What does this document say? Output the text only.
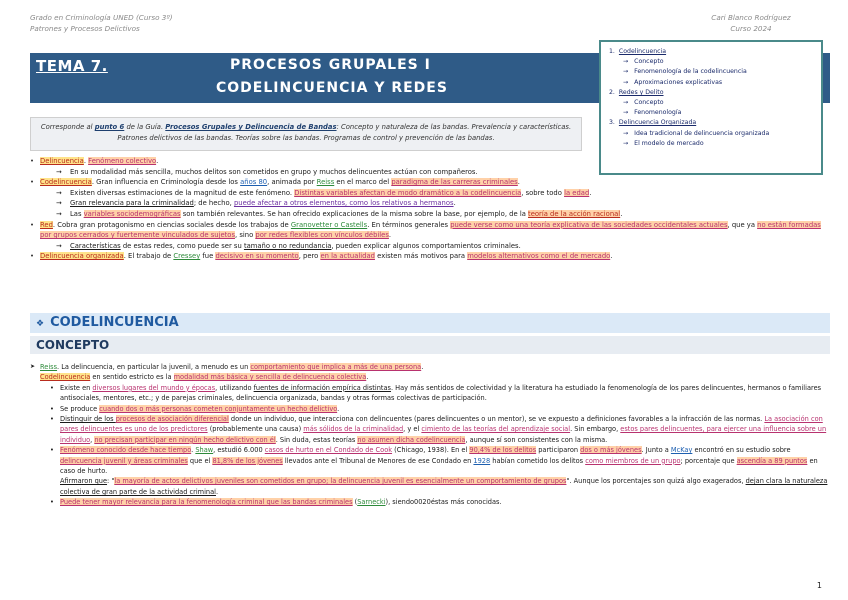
Grado en Criminología UNED (Curso 3º)
Patrones y Procesos Delictivos
Cari Blanco Rodríguez
Curso 2024
TEMA 7.	PROCESOS GRUPALES I
CODELINCUENCIA Y REDES
1. Codelincuencia
→ Concepto
→ Fenomenología de la codelincuencia
→ Aproximaciones explicativas
2. Redes y Delito
→ Concepto
→ Fenomenología
3. Delincuencia Organizada
→ Idea tradicional de delincuencia organizada
→ El modelo de mercado
Corresponde al punto 6 de la Guía. Procesos Grupales y Delincuencia de Bandas: Concepto y naturaleza de las bandas. Prevalencia y características. Patrones delictivos de las bandas. Teorías sobre las bandas. Programas de control y prevención de las bandas.
• Delincuencia. Fenómeno colectivo.
→ En su modalidad más sencilla, muchos delitos son cometidos en grupo y muchos delincuentes actúan con compañeros.
• Codelincuencia. Gran influencia en Criminología desde los años 80, animada por Reiss en el marco del paradigma de las carreras criminales.
→ Existen diversas estimaciones de la magnitud de este fenómeno. Distintas variables afectan de modo dramático a la codelincuencia, sobre todo la edad.
→ Gran relevancia para la criminalidad; de hecho, puede afectar a otros elementos, como los relativos a hermanos.
→ Las variables sociodemográficas son también relevantes. Se han ofrecido explicaciones de la misma sobre la base, por ejemplo, de la teoría de la acción racional.
• Red. Cobra gran protagonismo en ciencias sociales desde los trabajos de Granovetter o Castells. En términos generales puede verse como una teoría explicativa de las sociedades occidentales actuales, que ya no están formadas por grupos cerrados y fuertemente vinculados de sujetos, sino por redes flexibles con vínculos débiles.
→ Características de estas redes, como puede ser su tamaño o no redundancia, pueden explicar algunos comportamientos criminales.
• Delincuencia organizada. El trabajo de Cressey fue decisivo en su momento, pero en la actualidad existen más motivos para modelos alternativos como el de mercado.
❖ CODELINCUENCIA
CONCEPTO
➤ Reiss. La delincuencia, en particular la juvenil, a menudo es un comportamiento que implica a más de una persona.
Codelincuencia en sentido estricto es la modalidad más básica y sencilla de delincuencia colectiva.
• Existe en diversos lugares del mundo y épocas, utilizando fuentes de información empírica distintas. Hay más sentidos de colectividad y la literatura ha estudiado la fenomenología de los pares delincuentes, hermanos o familiares antisociales, mentores, etc.; y de parejas criminales, delincuencia organizada, bandas y otras formas colectivas de participación.
• Se produce cuando dos o más personas cometen conjuntamente un hecho delictivo.
• Distinguir de los procesos de asociación diferencial donde un individuo, que interacciona con delincuentes (pares delincuentes o un mentor), se ve expuesto a definiciones favorables a la infracción de las normas. La asociación con pares delincuentes es uno de los predictores (probablemente una causa) más sólidos de la criminalidad, y el cimiento de las teorías del aprendizaje social. Sin embargo, estos pares delincuentes, para ejercer una influencia sobre un individuo, no precisan participar en ningún hecho delictivo con él. Sin duda, estas teorías no asumen dicha codelincuencia, aunque sí son consistentes con la misma.
• Fenómeno conocido desde hace tiempo. Shaw, estudió 6.000 casos de hurto en el Condado de Cook (Chicago, 1938). En el 90,4% de los delitos participaron dos o más jóvenes. Junto a McKay encontró en su estudio sobre delincuencia juvenil y áreas criminales que el 81,8% de los jóvenes llevados ante el Tribunal de Menores de ese Condado en 1928 habían cometido los delitos como miembros de un grupo; porcentaje que ascendía a 89 puntos en caso de hurto.
Afirmaron que: "la mayoría de actos delictivos juveniles son cometidos en grupo; la delincuencia juvenil es esencialmente un comportamiento de grupos". Aunque los porcentajes son quizá algo exagerados, dejan clara la naturaleza colectiva de gran parte de la actividad criminal.
• Puede tener mayor relevancia para la fenomenología criminal que las bandas criminales (Sarnecki), siendo0020éstas más conocidas.
1
